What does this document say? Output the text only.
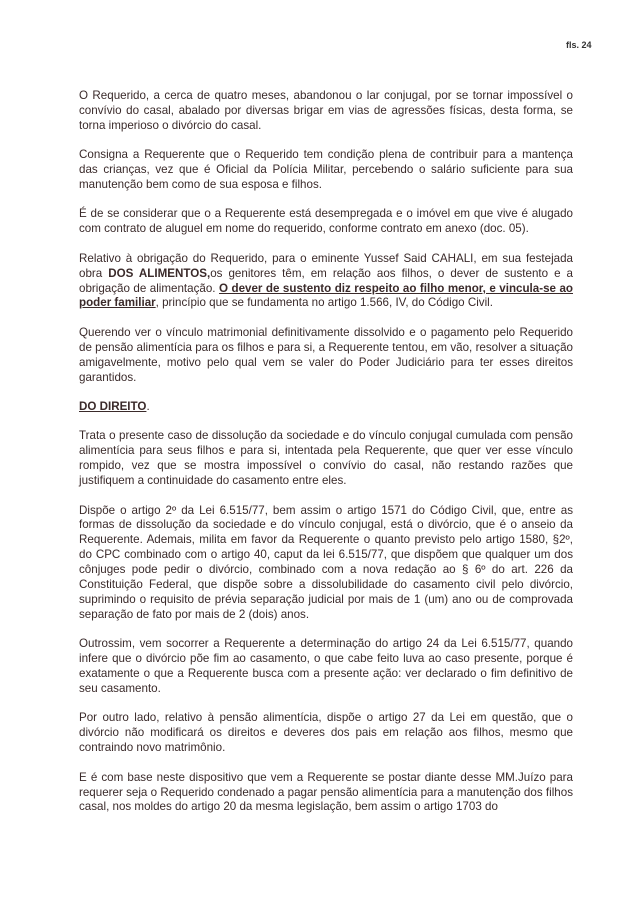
fls. 24

O Requerido, a cerca de quatro meses, abandonou o lar conjugal, por se tornar impossível o convívio do casal, abalado por diversas brigar em vias de agressões físicas, desta forma, se torna imperioso o divórcio do casal.

Consigna a Requerente que o Requerido tem condição plena de contribuir para a mantença das crianças, vez que é Oficial da Polícia Militar, percebendo o salário suficiente para sua manutenção bem como de sua esposa e filhos.

É de se considerar que o a Requerente está desempregada e o imóvel em que vive é alugado com contrato de aluguel em nome do requerido, conforme contrato em anexo (doc. 05).

Relativo à obrigação do Requerido, para o eminente Yussef Said CAHALI, em sua festejada obra DOS ALIMENTOS,os genitores têm, em relação aos filhos, o dever de sustento e a obrigação de alimentação. O dever de sustento diz respeito ao filho menor, e vincula-se ao poder familiar, princípio que se fundamenta no artigo 1.566, IV, do Código Civil.

Querendo ver o vínculo matrimonial definitivamente dissolvido e o pagamento pelo Requerido de pensão alimentícia para os filhos e para si, a Requerente tentou, em vão, resolver a situação amigavelmente, motivo pelo qual vem se valer do Poder Judiciário para ter esses direitos garantidos.

DO DIREITO.

Trata o presente caso de dissolução da sociedade e do vínculo conjugal cumulada com pensão alimentícia para seus filhos e para si, intentada pela Requerente, que quer ver esse vínculo rompido, vez que se mostra impossível o convívio do casal, não restando razões que justifiquem a continuidade do casamento entre eles.

Dispõe o artigo 2º da Lei 6.515/77, bem assim o artigo 1571 do Código Civil, que, entre as formas de dissolução da sociedade e do vínculo conjugal, está o divórcio, que é o anseio da Requerente. Ademais, milita em favor da Requerente o quanto previsto pelo artigo 1580, §2º, do CPC combinado com o artigo 40, caput da lei 6.515/77, que dispõem que qualquer um dos cônjuges pode pedir o divórcio, combinado com a nova redação ao § 6º do art. 226 da Constituição Federal, que dispõe sobre a dissolubilidade do casamento civil pelo divórcio, suprimindo o requisito de prévia separação judicial por mais de 1 (um) ano ou de comprovada separação de fato por mais de 2 (dois) anos.

Outrossim, vem socorrer a Requerente a determinação do artigo 24 da Lei 6.515/77, quando infere que o divórcio põe fim ao casamento, o que cabe feito luva ao caso presente, porque é exatamente o que a Requerente busca com a presente ação: ver declarado o fim definitivo de seu casamento.

Por outro lado, relativo à pensão alimentícia, dispõe o artigo 27 da Lei em questão, que o divórcio não modificará os direitos e deveres dos pais em relação aos filhos, mesmo que contraindo novo matrimônio.

E é com base neste dispositivo que vem a Requerente se postar diante desse MM.Juízo para requerer seja o Requerido condenado a pagar pensão alimentícia para a manutenção dos filhos casal, nos moldes do artigo 20 da mesma legislação, bem assim o artigo 1703 do
